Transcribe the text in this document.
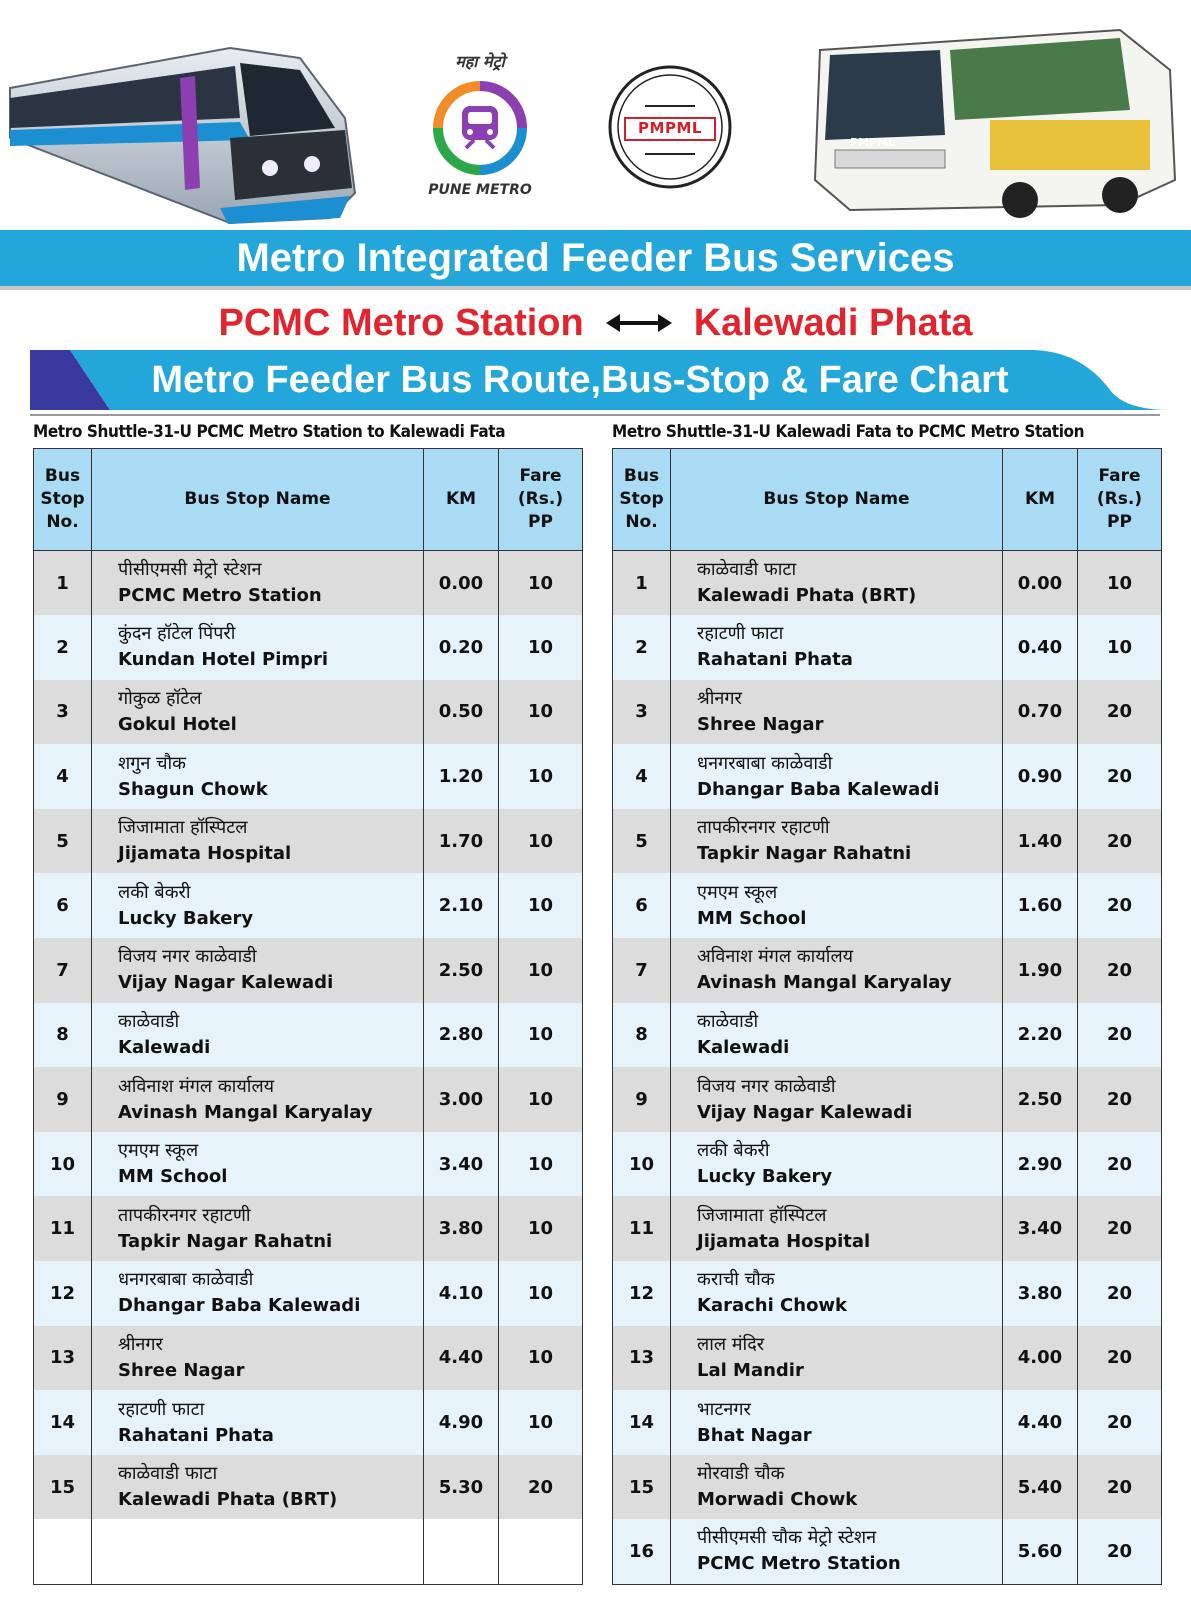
महा मेट्रो
PUNE METRO
PMPML
PMPML
Metro Integrated Feeder Bus Services
PCMC Metro Station	Kalewadi Phata
Metro Feeder Bus Route,Bus-Stop & Fare Chart
Metro Shuttle-31-U PCMC Metro Station to Kalewadi Fata
Bus
Stop
No.	Bus Stop Name	KM	Fare
(Rs.)
PP
1	पीसीएमसी मेट्रो स्टेशन
PCMC Metro Station	0.00	10
2	कुंदन हॉटेल पिंपरी
Kundan Hotel Pimpri	0.20	10
3	गोकुळ हॉटेल
Gokul Hotel	0.50	10
4	शगुन चौक
Shagun Chowk	1.20	10
5	जिजामाता हॉस्पिटल
Jijamata Hospital	1.70	10
6	लकी बेकरी
Lucky Bakery	2.10	10
7	विजय नगर काळेवाडी
Vijay Nagar Kalewadi	2.50	10
8	काळेवाडी
Kalewadi	2.80	10
9	अविनाश मंगल कार्यालय
Avinash Mangal Karyalay	3.00	10
10	एमएम स्कूल
MM School	3.40	10
11	तापकीरनगर रहाटणी
Tapkir Nagar Rahatni	3.80	10
12	धनगरबाबा काळेवाडी
Dhangar Baba Kalewadi	4.10	10
13	श्रीनगर
Shree Nagar	4.40	10
14	रहाटणी फाटा
Rahatani Phata	4.90	10
15	काळेवाडी फाटा
Kalewadi Phata (BRT)	5.30	20

Metro Shuttle-31-U Kalewadi Fata to PCMC Metro Station
Bus
Stop
No.	Bus Stop Name	KM	Fare
(Rs.)
PP
1	काळेवाडी फाटा
Kalewadi Phata (BRT)	0.00	10
2	रहाटणी फाटा
Rahatani Phata	0.40	10
3	श्रीनगर
Shree Nagar	0.70	20
4	धनगरबाबा काळेवाडी
Dhangar Baba Kalewadi	0.90	20
5	तापकीरनगर रहाटणी
Tapkir Nagar Rahatni	1.40	20
6	एमएम स्कूल
MM School	1.60	20
7	अविनाश मंगल कार्यालय
Avinash Mangal Karyalay	1.90	20
8	काळेवाडी
Kalewadi	2.20	20
9	विजय नगर काळेवाडी
Vijay Nagar Kalewadi	2.50	20
10	लकी बेकरी
Lucky Bakery	2.90	20
11	जिजामाता हॉस्पिटल
Jijamata Hospital	3.40	20
12	कराची चौक
Karachi Chowk	3.80	20
13	लाल मंदिर
Lal Mandir	4.00	20
14	भाटनगर
Bhat Nagar	4.40	20
15	मोरवाडी चौक
Morwadi Chowk	5.40	20
16	पीसीएमसी चौक मेट्रो स्टेशन
PCMC Metro Station	5.60	20
